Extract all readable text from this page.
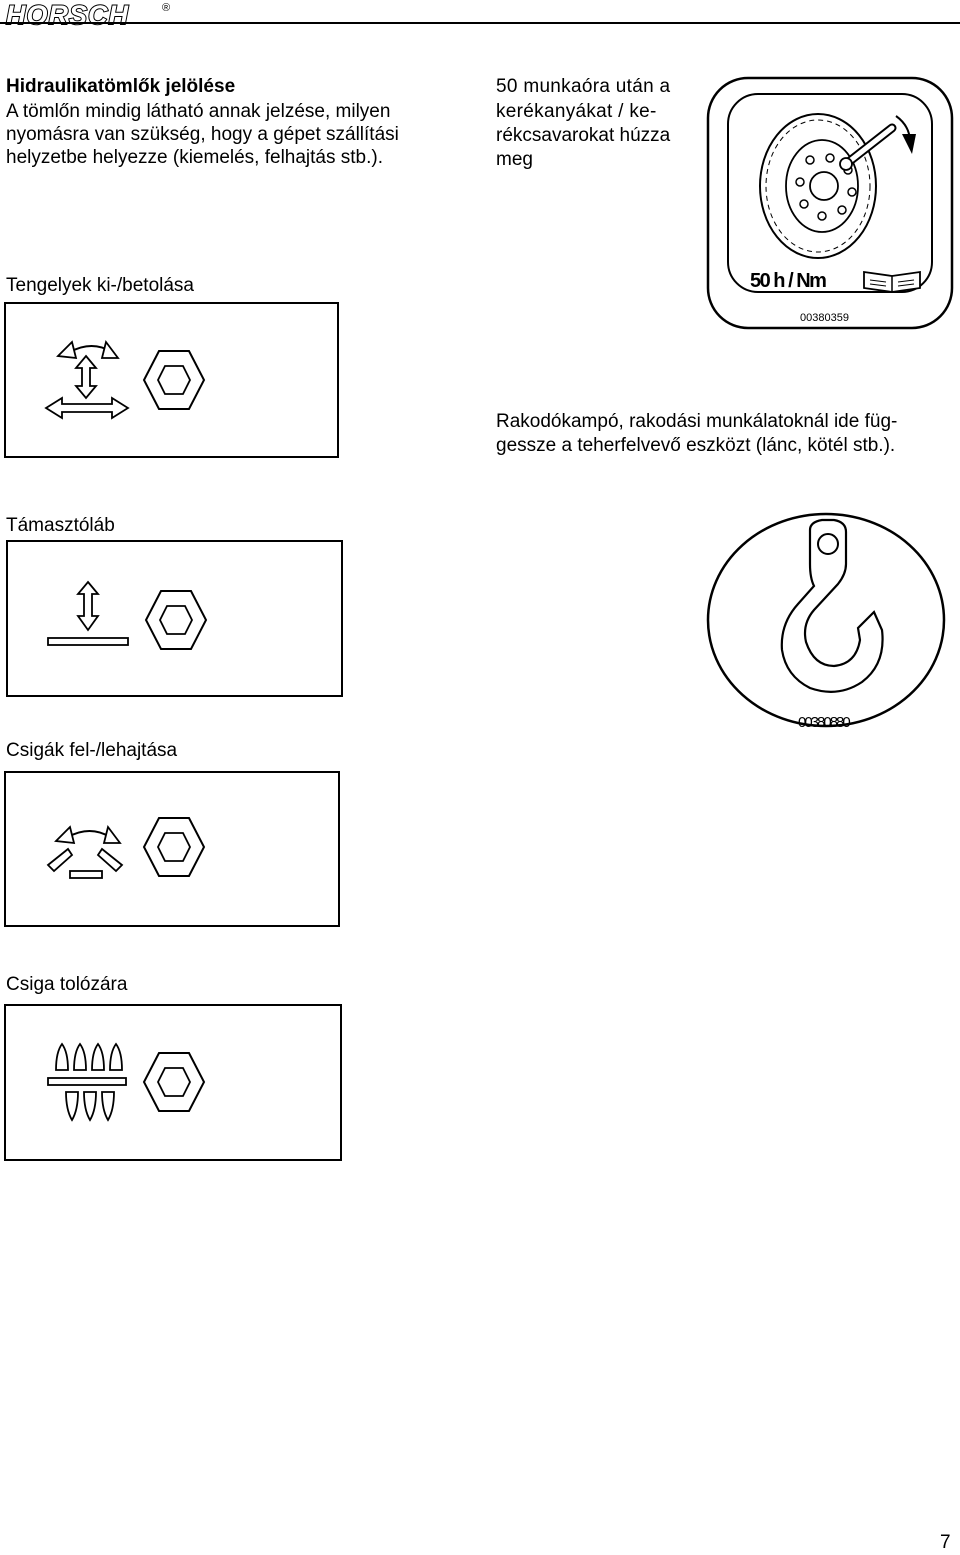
HORSCH	®
Hidraulikatömlők jelölése
A tömlőn mindig látható annak jelzése, milyen
nyomásra van szükség, hogy a gépet szállítási
helyzetbe helyezze (kiemelés, felhajtás stb.).
50 munkaóra után a
kerékanyákat / ke-
rékcsavarokat húzza
meg
50 h / Nm
00380359
Tengelyek ki-/betolása
Rakodókampó, rakodási munkálatoknál ide füg-
gessze a teherfelvevő eszközt (lánc, kötél stb.).
Támasztóláb
00380880
Csigák fel-/lehajtása
Csiga tolózára
7
